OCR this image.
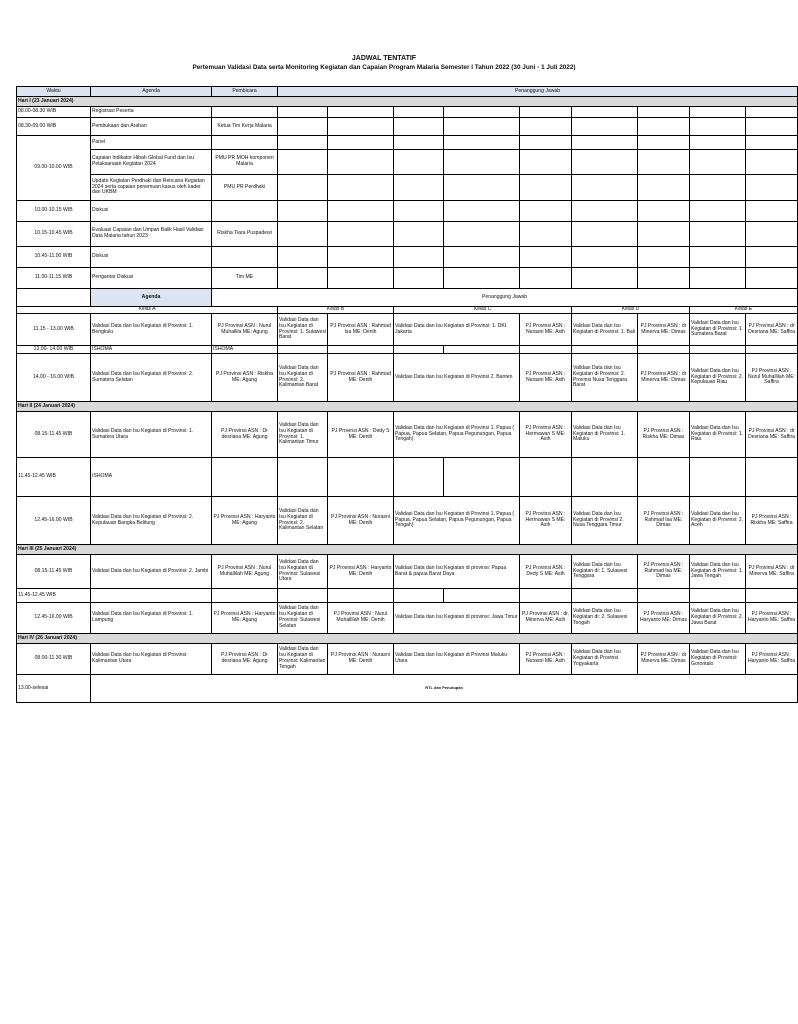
JADWAL TENTATIF
Pertemuan Validasi Data serta Monitoring Kegiatan dan Capaian Program Malaria Semester I Tahun 2022 (30 Juni - 1 Juli 2022)
Waktu	Agenda	Pembicara	Penanggung Jawab								
Hari I (23 Januari 2024)											
08.00-08.30 WIB	Registrasi Peserta										
08.30-09.00 WIB	Pembukaan dan Arahan	Ketua Tim Kerja Malaria									
09.00-10.00 WIB	Panel										
	Capaian Indikator Hibah Global Fund dan Isu Pelaksanaan Kegiatan 2024	PMU PR MOH komponen Malaria									
	Update Kegiatan Perdhaki dan Rencana Kegiatan 2024 serta capaian penemuan kasus oleh kader dan UKBM	PMU PR Perdhaki									
10.00-10.15 WIB	Diskusi										
10.15-10.45 WIB	Evaluasi Capaian dan Umpan Balik Hasil Validasi Data Malaria tahun 2023	Riskha Tiara Puspadewi									
10.45-11.00 WIB	Diskusi										
11.00-11.15 WIB	Pengantar Diskusi	Tim ME									
	Agenda	Penanggung Jawab									
Kelas A			Kelas B		Kelas C			Kelas D		Kelas E	
11.15 - 13.00 WIB	Validasi Data dan Isu Kegiatan di Provinsi: 1. Bengkulu	PJ Provinsi ASN : Nurul Muhallila ME: Agung	Validasi Data dan Isu Kegiatan di Provinsi: 1. Sulawesi Barat	PJ Provinsi ASN : Rahmad Isa ME: Denih	Validasi Data dan Isu Kegiatan di Provinsi: 1. DKI Jakarta		PJ Provinsi ASN : Nurasni ME: Asih	Validasi Data dan Isu Kegiatan di Provinsi: 1. Bali	PJ Provinsi ASN : dr Minerva ME: Dimas	Validasi Data dan Isu Kegiatan di Provinsi: 1. Sumatera Barat	PJ Provinsi ASN : dr Desriana ME: Saffira
13.00- 14.00 WIB	ISHOMA	ISHOMA									
14.00 - 16.00 WIB	Validasi Data dan Isu Kegiatan di Provinsi: 2. Sumatera Selatan	PJ Provinsi ASN : Riskha ME: Agung	Validasi Data dan Isu Kegiatan di Provinsi: 2. Kalimantan Barat	PJ Provinsi ASN : Rahmad ME: Denih	Validasi Data dan Isu Kegiatan di Provinsi 2. Banten		PJ Provinsi ASN : Nurasni ME: Asih	Validasi Data dan Isu Kegiatan di Provinsi: 2. Provinsi Nusa Tenggara Barat	PJ Provinsi ASN : dr Minerva ME: Dimas	Validasi Data dan Isu Kegiatan di Provinsi: 2. Kepulauan Riau	PJ Provinsi ASN : Nurul Muhallilah ME: Saffira
Hari II (24 Januari 2024)											
08.15-11.45 WIB	Validasi Data dan Isu Kegiatan di Provinsi: 1. Sumatera Utara	PJ Provinsi ASN : Dr desriana ME: Agung	Validasi Data dan Isu Kegiatan di Provinsi: 1. Kalimantan Timur	PJ Provinsi ASN : Dedy S ME: Denih	Validasi Data dan Isu Kegiatan di Provinsi 1. Papua ( Papua, Papua Selatan, Papua Pegunungan, Papua Tengah)		PJ Provinsi ASN : Hermawan S ME: Asih	Validasi Data dan Isu Kegiatan di Provinsi: 1. Maluku	PJ Provinsi ASN : Riskha ME: Dimas	Validasi Data dan Isu Kegiatan di Provinsi: 1. Riau	PJ Provinsi ASN : dr Desriana ME: Saffira
11.45-12.45 WIB	ISHOMA										
12.45-16.00 WIB	Validasi Data dan Isu Kegiatan di Provinsi: 2. Kepulauan Bangka Belitung	PJ Provinsi ASN : Haryanto ME: Agung	Validasi Data dan Isu Kegiatan di Provinsi: 2. Kalimantan Selatan	PJ Provinsi ASN : Nurasni ME: Denih	Validasi Data dan Isu Kegiatan di Provinsi 1. Papua ( Papua, Papua Selatan, Papua Pegunungan, Papua Tengah)		PJ Provinsi ASN : Hermawan S ME: Asih	Validasi Data dan Isu Kegiatan di Provinsi 2. Nusa Tenggara Timur	PJ Provinsi ASN : Rahmad Isa ME: Dimas	Validasi Data dan Isu Kegiatan di Provinsi: 2. Aceh	PJ Provinsi ASN : Riskha ME: Saffira
Hari III (25 Januari 2024)											
08.15-11.45 WIB	Validasi Data dan Isu Kegiatan di Provinsi: 2. Jambi	PJ Provinsi ASN : Nurul Muhallilah ME: Agung	Validasi Data dan Isu Kegiatan di Provinsi: Sulawesi Utara	PJ Provinsi ASN : Haryanto ME: Denih	Validasi Data dan Isu Kegiatan di provinsi: Papua Barat & papua Barat Daya		PJ Provinsi ASN : Dedy S ME: Asih	Validasi Data dan Isu Kegiatan di: 1. Sulawesi Tenggara	PJ Provinsi ASN : Rahmad Isa ME: Dimas	Validasi Data dan Isu Kegiatan di Provinsi: 1. Jawa Tengah	PJ Provinsi ASN : dr Minerva ME: Saffira
11.45-12.45 WIB											
12.45-16.00 WIB	Validasi Data dan Isu Kegiatan di Provinsi: 1. Lampung	PJ Provinsi ASN : Haryanto ME: Agung	Validasi Data dan Isu Kegiatan di Provinsi: Sulawesi Selatan	PJ Provinsi ASN : Nurul Muhallilah ME: Denih	Validasi Data dan Isu Kegiatan di provinsi: Jawa Timur		PJ Provinsi ASN : dr. Minerva ME: Asih	Validasi Data dan Isu Kegiatan di: 2. Sulawesi Tengah	PJ Provinsi ASN : Haryanto ME: Dimas	Validasi Data dan Isu Kegiatan di Provinsi: 2. Jawa Barat	PJ Provinsi ASN : Haryanto ME: Saffira
Hari IV (26 Januari 2024)											
08.00-11.30 WIB	Validasi Data dan Isu Kegiatan di Provinsi: Kalimantan Utara	PJ Provinsi ASN : Dr desriana ME: Agung	Validasi Data dan Isu Kegiatan di Provinsi: Kalimantan Tengah	PJ Provinsi ASN : Nurasni ME: Denih	Validasi Data dan Isu Kegiatan di Provinsi Maluku Utara		PJ Provinsi ASN : Nurasni ME: Asih	Validasi Data dan Isu Kegiatan di Provinsi Yogyakarta	PJ Provinsi ASN : dr Minerva ME: Dimas	Validasi Data dan Isu Kegiatan di Provinsi: Gorontalo	PJ Provinsi ASN : Haryanto ME: Saffira
13.00-selesai	RTL dan Penutupan										
